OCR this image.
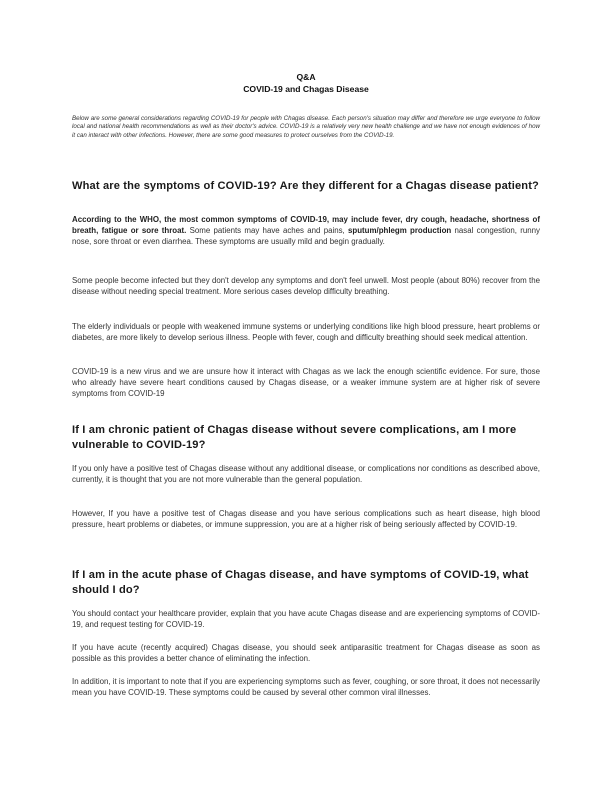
Q&A
COVID-19 and Chagas Disease
Below are some general considerations regarding COVID-19 for people with Chagas disease. Each person's situation may differ and therefore we urge everyone to follow local and national health recommendations as well as their doctor's advice. COVID-19 is a relatively very new health challenge and we have not enough evidences of how it can interact with other infections. However, there are some good measures to protect ourselves from the COVID-19.
What are the symptoms of COVID-19? Are they different for a Chagas disease patient?
According to the WHO, the most common symptoms of COVID-19, may include fever, dry cough, headache, shortness of breath, fatigue or sore throat. Some patients may have aches and pains, sputum/phlegm production nasal congestion, runny nose, sore throat or even diarrhea. These symptoms are usually mild and begin gradually.
Some people become infected but they don't develop any symptoms and don't feel unwell. Most people (about 80%) recover from the disease without needing special treatment. More serious cases develop difficulty breathing.
The elderly individuals or people with weakened immune systems or underlying conditions like high blood pressure, heart problems or diabetes, are more likely to develop serious illness. People with fever, cough and difficulty breathing should seek medical attention.
COVID-19 is a new virus and we are unsure how it interact with Chagas as we lack the enough scientific evidence. For sure, those who already have severe heart conditions caused by Chagas disease, or a weaker immune system are at higher risk of severe symptoms from COVID-19
If I am chronic patient of Chagas disease without severe complications, am I more vulnerable to COVID-19?
If you only have a positive test of Chagas disease without any additional disease, or complications nor conditions as described above, currently, it is thought that you are not more vulnerable than the general population.
However, If you have a positive test of Chagas disease and you have serious complications such as heart disease, high blood pressure, heart problems or diabetes, or immune suppression, you are at a higher risk of being seriously affected by COVID-19.
If I am in the acute phase of Chagas disease, and have symptoms of COVID-19, what should I do?
You should contact your healthcare provider, explain that you have acute Chagas disease and are experiencing symptoms of COVID-19, and request testing for COVID-19.
If you have acute (recently acquired) Chagas disease, you should seek antiparasitic treatment for Chagas disease as soon as possible as this provides a better chance of eliminating the infection.
In addition, it is important to note that if you are experiencing symptoms such as fever, coughing, or sore throat, it does not necessarily mean you have COVID-19. These symptoms could be caused by several other common viral illnesses.
